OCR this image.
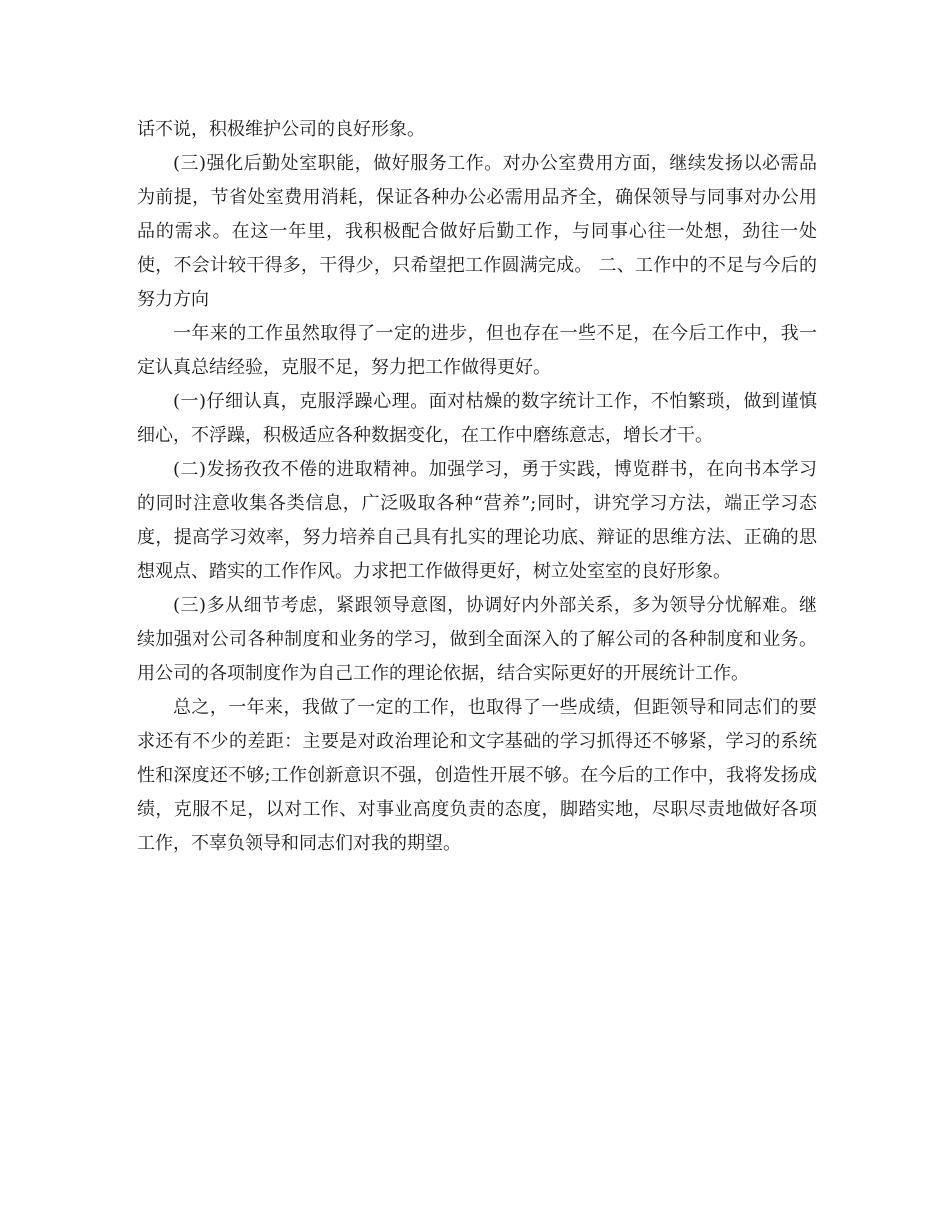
话不说，积极维护公司的良好形象。

(三)强化后勤处室职能，做好服务工作。对办公室费用方面，继续发扬以必需品为前提，节省处室费用消耗，保证各种办公必需用品齐全，确保领导与同事对办公用品的需求。在这一年里，我积极配合做好后勤工作，与同事心往一处想，劲往一处使，不会计较干得多，干得少，只希望把工作圆满完成。 二、工作中的不足与今后的努力方向

一年来的工作虽然取得了一定的进步，但也存在一些不足，在今后工作中，我一定认真总结经验，克服不足，努力把工作做得更好。

(一)仔细认真，克服浮躁心理。面对枯燥的数字统计工作，不怕繁琐，做到谨慎细心，不浮躁，积极适应各种数据变化，在工作中磨练意志，增长才干。

(二)发扬孜孜不倦的进取精神。加强学习，勇于实践，博览群书，在向书本学习的同时注意收集各类信息，广泛吸取各种“营养”;同时，讲究学习方法，端正学习态度，提高学习效率，努力培养自己具有扎实的理论功底、辩证的思维方法、正确的思想观点、踏实的工作作风。力求把工作做得更好，树立处室室的良好形象。

(三)多从细节考虑，紧跟领导意图，协调好内外部关系，多为领导分忧解难。继续加强对公司各种制度和业务的学习，做到全面深入的了解公司的各种制度和业务。用公司的各项制度作为自己工作的理论依据，结合实际更好的开展统计工作。

总之，一年来，我做了一定的工作，也取得了一些成绩，但距领导和同志们的要求还有不少的差距：主要是对政治理论和文字基础的学习抓得还不够紧，学习的系统性和深度还不够;工作创新意识不强，创造性开展不够。在今后的工作中，我将发扬成绩，克服不足，以对工作、对事业高度负责的态度，脚踏实地，尽职尽责地做好各项工作，不辜负领导和同志们对我的期望。
